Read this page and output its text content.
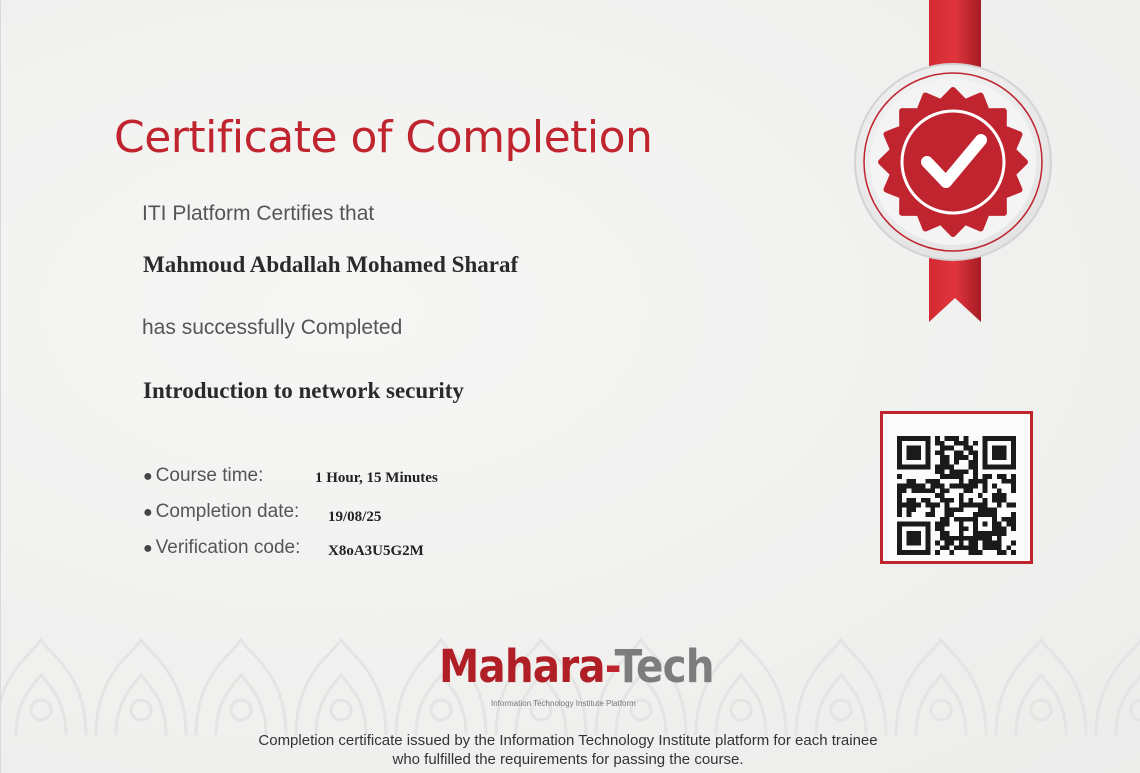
Certificate of Completion
ITI Platform Certifies that
Mahmoud Abdallah Mohamed Sharaf
has successfully Completed
Introduction to network security
● Course time:	1 Hour, 15 Minutes
● Completion date: 19/08/25
● Verification code: X8oA3U5G2M
Mahara-Tech
Information Technology Institute Platform
Completion certificate issued by the Information Technology Institute platform for each trainee
who fulfilled the requirements for passing the course.
